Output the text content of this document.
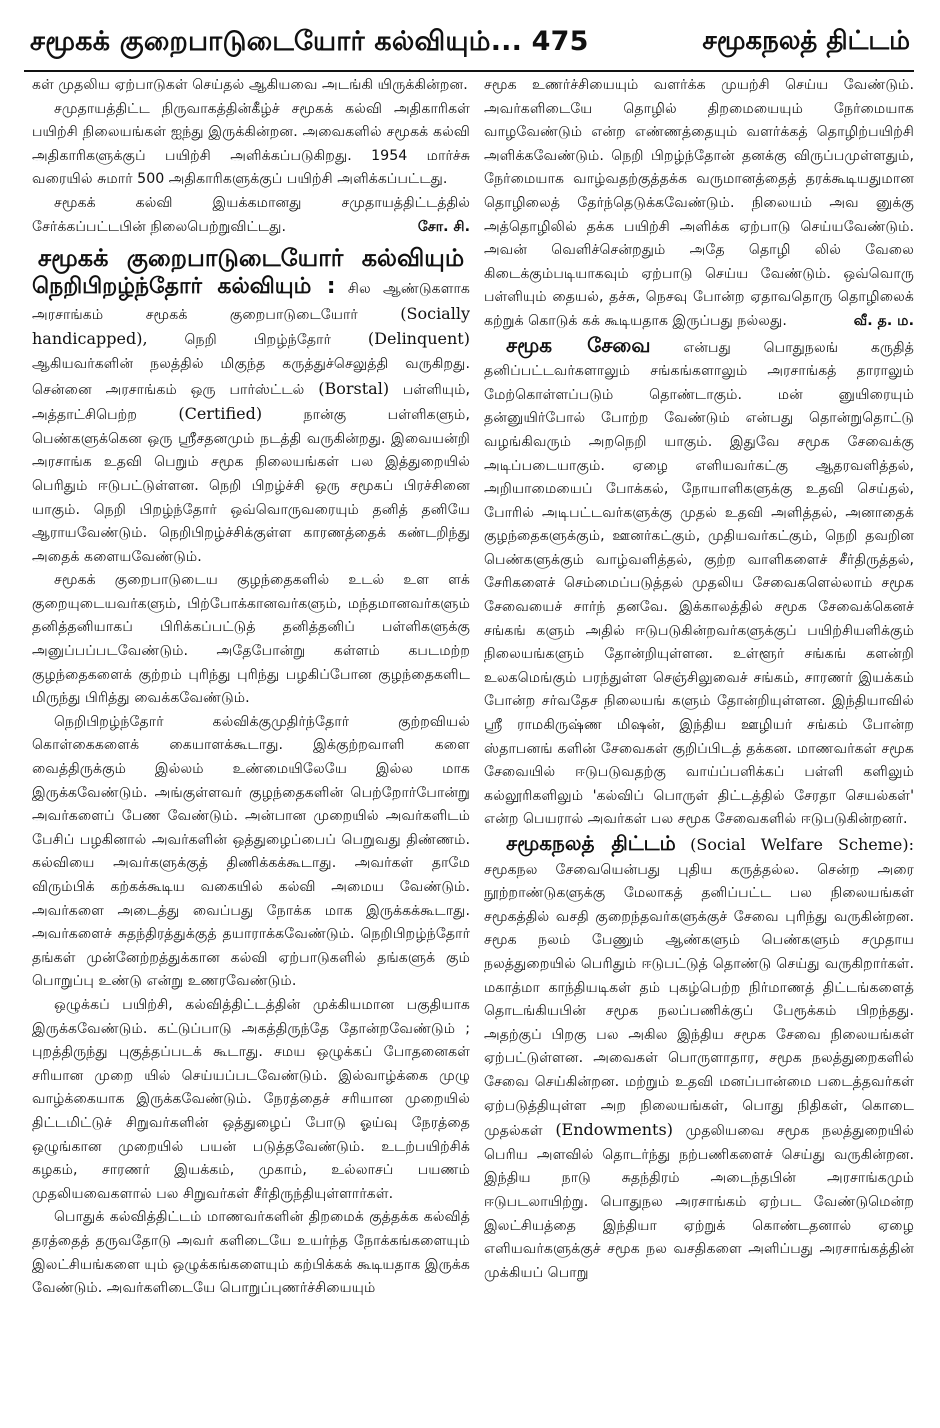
சமூகக் குறைபாடுடையோர் கல்வியும்... 475	சமூகநலத் திட்டம்

கள் முதலிய ஏற்பாடுகள் செய்தல் ஆகியவை அடங்கி யிருக்கின்றன.

சமுதாயத்திட்ட நிருவாகத்தின்கீழ்ச் சமூகக் கல்வி அதிகாரிகள் பயிற்சி நிலையங்கள் ஐந்து இருக்கின்றன. அவைகளில் சமூகக் கல்வி அதிகாரிகளுக்குப் பயிற்சி அளிக்கப்படுகிறது. 1954 மார்ச்சு வரையில் சுமார் 500 அதிகாரிகளுக்குப் பயிற்சி அளிக்கப்பட்டது.

சமூகக் கல்வி இயக்கமானது சமுதாயத்திட்டத்தில் சேர்க்கப்பட்டபின் நிலைபெற்றுவிட்டது.	சோ. சி.

சமூகக் குறைபாடுடையோர் கல்வியும்

நெறிபிறழ்ந்தோர் கல்வியும் : சில ஆண்டுகளாக அரசாங்கம் சமூகக் குறைபாடுடையோர்	(Socially handicapped),	நெறி பிறழ்ந்தோர் (Delinquent) ஆகியவர்களின் நலத்தில் மிகுந்த கருத்துச்செலுத்தி வருகிறது. சென்னை அரசாங்கம் ஒரு பார்ஸ்ட்டல் (Borstal) பள்ளியும், அத்தாட்சிபெற்ற	(Certified)	நான்கு பள்ளிகளும், பெண்களுக்கென ஒரு ஸ்ரீசதனமும் நடத்தி வருகின்றது. இவையன்றி அரசாங்க உதவி பெறும் சமூக நிலையங்கள் பல இத்துறையில் பெரிதும் ஈடுபட்டுள்ளன. நெறி பிறழ்ச்சி ஒரு சமூகப் பிரச்சினை யாகும். நெறி பிறழ்ந்தோர் ஒவ்வொருவரையும் தனித் தனியே ஆராயவேண்டும். நெறிபிறழ்ச்சிக்குள்ள காரணத்தைக் கண்டறிந்து அதைக் களையவேண்டும்.

சமூகக் குறைபாடுடைய குழந்தைகளில் உடல் உள ளக் குறையுடையவர்களும், பிற்போக்கானவர்களும், மந்தமானவர்களும் தனித்தனியாகப் பிரிக்கப்பட்டுத் தனித்தனிப் பள்ளிகளுக்கு அனுப்பப்படவேண்டும். அதேபோன்று கள்ளம் கபடமற்ற குழந்தைகளைக் குற்றம் புரிந்து புரிந்து பழகிப்போன குழந்தைகளிட மிருந்து பிரித்து வைக்கவேண்டும்.

நெறிபிறழ்ந்தோர் கல்விக்குமுதிர்ந்தோர் குற்றவியல் கொள்கைகளைக் கையாளக்கூடாது. இக்குற்றவாளி களை வைத்திருக்கும் இல்லம் உண்மையிலேயே இல்ல மாக இருக்கவேண்டும். அங்குள்ளவர் குழந்தைகளின் பெற்றோர்போன்று அவர்களைப் பேண வேண்டும். அன்பான முறையில் அவர்களிடம் பேசிப் பழகினால் அவர்களின் ஒத்துழைப்பைப் பெறுவது திண்ணம். கல்வியை அவர்களுக்குத் திணிக்கக்கூடாது. அவர்கள் தாமே விரும்பிக் கற்கக்கூடிய வகையில் கல்வி அமைய வேண்டும். அவர்களை அடைத்து வைப்பது நோக்க மாக இருக்கக்கூடாது. அவர்களைச் சுதந்திரத்துக்குத் தயாராக்கவேண்டும். நெறிபிறழ்ந்தோர் தங்கள் முன்னேற்றத்துக்கான கல்வி ஏற்பாடுகளில் தங்களுக் கும் பொறுப்பு உண்டு என்று உணரவேண்டும்.

ஒழுக்கப் பயிற்சி, கல்வித்திட்டத்தின் முக்கியமான பகுதியாக இருக்கவேண்டும். கட்டுப்பாடு அகத்திருந்தே தோன்றவேண்டும் ; புறத்திருந்து புகுத்தப்படக் கூடாது. சமய ஒழுக்கப் போதனைகள் சரியான முறை யில் செய்யப்படவேண்டும். இல்வாழ்க்கை முழு வாழ்க்கையாக இருக்கவேண்டும். நேரத்தைச் சரியான முறையில் திட்டமிட்டுச் சிறுவர்களின் ஒத்துழைப் போடு ஓய்வு நேரத்தை ஒழுங்கான முறையில் பயன் படுத்தவேண்டும். உடற்பயிற்சிக் கழகம், சாரணர் இயக்கம், முகாம், உல்லாசப் பயணம் முதலியவைகளால் பல சிறுவர்கள் சீர்திருந்தியுள்ளார்கள்.

பொதுக் கல்வித்திட்டம் மாணவர்களின் திறமைக் குத்தக்க கல்வித் தரத்தைத் தருவதோடு அவர் களிடையே உயர்ந்த நோக்கங்களையும் இலட்சியங்களை யும் ஒழுக்கங்களையும் கற்பிக்கக் கூடியதாக இருக்க வேண்டும். அவர்களிடையே பொறுப்புணர்ச்சியையும்

சமூக உணர்ச்சியையும் வளர்க்க முயற்சி செய்ய வேண்டும். அவர்களிடையே தொழில் திறமையையும் நேர்மையாக வாழவேண்டும் என்ற எண்ணத்தையும் வளர்க்கத் தொழிற்பயிற்சி அளிக்கவேண்டும். நெறி பிறழ்ந்தோன் தனக்கு விருப்பமுள்ளதும், நேர்மையாக வாழ்வதற்குத்தக்க வருமானத்தைத் தரக்கூடியதுமான தொழிலைத் தேர்ந்தெடுக்கவேண்டும். நிலையம் அவ னுக்கு அத்தொழிலில் தக்க பயிற்சி அளிக்க ஏற்பாடு செய்யவேண்டும். அவன் வெளிச்சென்றதும் அதே தொழி லில் வேலை கிடைக்கும்படியாகவும் ஏற்பாடு செய்ய வேண்டும். ஒவ்வொரு பள்ளியும் தையல், தச்சு, நெசவு போன்ற ஏதாவதொரு தொழிலைக் கற்றுக் கொடுக் கக் கூடியதாக இருப்பது நல்லது.	வீ. த. ம.

சமூக சேவை என்பது பொதுநலங் கருதித் தனிப்பட்டவர்களாலும் சங்கங்களாலும் அரசாங்கத் தாராலும் மேற்கொள்ளப்படும் தொண்டாகும். மன் னுயிரையும் தன்னுயிர்போல் போற்ற வேண்டும் என்பது தொன்றுதொட்டு வழங்கிவரும் அறநெறி யாகும். இதுவே சமூக சேவைக்கு அடிப்படையாகும். ஏழை எளியவர்கட்கு ஆதரவளித்தல், அறியாமையைப் போக்கல், நோயாளிகளுக்கு உதவி செய்தல், போரில் அடிபட்டவர்களுக்கு முதல் உதவி அளித்தல், அனாதைக் குழந்தைகளுக்கும், ஊனர்கட்கும், முதியவர்கட்கும், நெறி தவறின பெண்களுக்கும் வாழ்வளித்தல், குற்ற வாளிகளைச் சீர்திருத்தல், சேரிகளைச் செம்மைப்படுத்தல் முதலிய சேவைகளெல்லாம் சமூக சேவையைச் சார்ந் தனவே. இக்காலத்தில் சமூக சேவைக்கெனச் சங்கங் களும் அதில் ஈடுபடுகின்றவர்களுக்குப் பயிற்சியளிக்கும் நிலையங்களும் தோன்றியுள்ளன. உள்ளூர் சங்கங் களன்றி உலகமெங்கும் பரந்துள்ள செஞ்சிலுவைச் சங்கம், சாரணர் இயக்கம் போன்ற சர்வதேச நிலையங் களும் தோன்றியுள்ளன. இந்தியாவில் ஸ்ரீ ராமகிருஷ்ண மிஷன், இந்திய ஊழியர் சங்கம் போன்ற ஸ்தாபனங் களின் சேவைகள் குறிப்பிடத் தக்கன. மாணவர்கள் சமூக சேவையில் ஈடுபடுவதற்கு வாய்ப்பளிக்கப் பள்ளி களிலும் கல்லூரிகளிலும் 'கல்விப் பொருள் திட்டத்தில் சேரதா செயல்கள்' என்ற பெயரால் அவர்கள் பல சமூக சேவைகளில் ஈடுபடுகின்றனர்.

சமூகநலத் திட்டம் (Social Welfare Scheme): சமூகநல சேவையென்பது புதிய கருத்தல்ல. சென்ற அரை நூற்றாண்டுகளுக்கு மேலாகத் தனிப்பட்ட பல நிலையங்கள் சமூகத்தில் வசதி குறைந்தவர்களுக்குச் சேவை புரிந்து வருகின்றன. சமூக நலம் பேணும் ஆண்களும் பெண்களும் சமுதாய நலத்துறையில் பெரிதும் ஈடுபட்டுத் தொண்டு செய்து வருகிறார்கள். மகாத்மா காந்தியடிகள் தம் புகழ்பெற்ற நிர்மாணத் திட்டங்களைத் தொடங்கியபின் சமூக நலப்பணிக்குப் பேரூக்கம் பிறந்தது. அதற்குப் பிறகு பல அகில இந்திய சமூக சேவை நிலையங்கள் ஏற்பட்டுள்ளன. அவைகள் பொருளாதார, சமூக நலத்துறைகளில் சேவை செய்கின்றன. மற்றும் உதவி மனப்பான்மை படைத்தவர்கள் ஏற்படுத்தியுள்ள அற நிலையங்கள், பொது நிதிகள், கொடை முதல்கள் (Endowments) முதலியவை சமூக நலத்துறையில் பெரிய அளவில் தொடர்ந்து நற்பணிகளைச் செய்து வருகின்றன. இந்திய நாடு சுதந்திரம் அடைந்தபின் அரசாங்கமும் ஈடுபடலாயிற்று. பொதுநல அரசாங்கம் ஏற்பட வேண்டுமென்ற இலட்சியத்தை இந்தியா ஏற்றுக் கொண்டதனால் ஏழை எளியவர்களுக்குச் சமூக நல வசதிகளை அளிப்பது அரசாங்கத்தின் முக்கியப் பொறு
